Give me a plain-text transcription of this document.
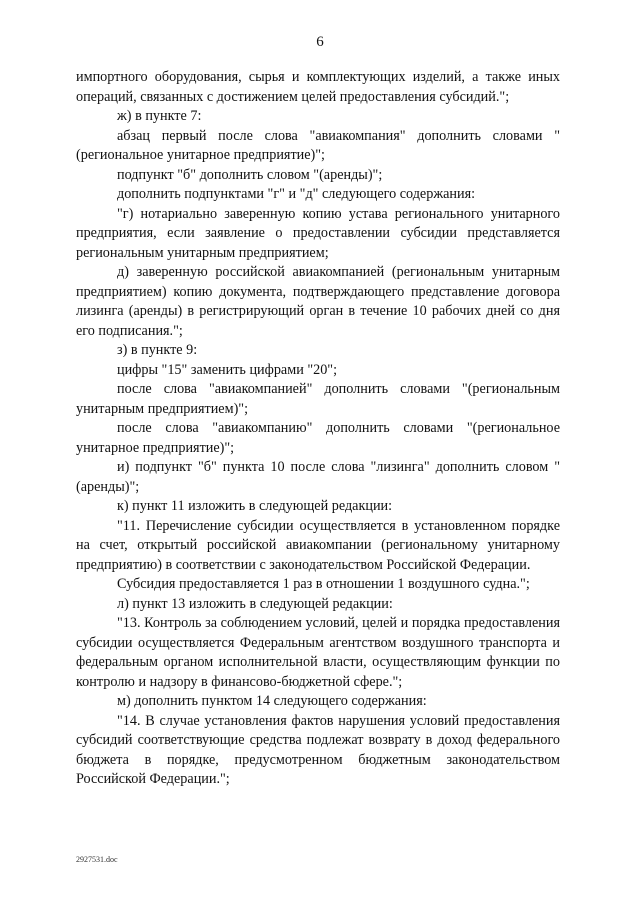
6

импортного оборудования, сырья и комплектующих изделий, а также иных операций, связанных с достижением целей предоставления субсидий.";

ж) в пункте 7:

абзац первый после слова "авиакомпания" дополнить словами "(региональное унитарное предприятие)";

подпункт "б" дополнить словом "(аренды)";

дополнить подпунктами "г" и "д" следующего содержания:

"г) нотариально заверенную копию устава регионального унитарного предприятия, если заявление о предоставлении субсидии представляется региональным унитарным предприятием;

д) заверенную российской авиакомпанией (региональным унитарным предприятием) копию документа, подтверждающего представление договора лизинга (аренды) в регистрирующий орган в течение 10 рабочих дней со дня его подписания.";

з) в пункте 9:

цифры "15" заменить цифрами "20";

после слова "авиакомпанией" дополнить словами "(региональным унитарным предприятием)";

после слова "авиакомпанию" дополнить словами "(региональное унитарное предприятие)";

и) подпункт "б" пункта 10 после слова "лизинга" дополнить словом "(аренды)";

к) пункт 11 изложить в следующей редакции:

"11. Перечисление субсидии осуществляется в установленном порядке на счет, открытый российской авиакомпании (региональному унитарному предприятию) в соответствии с законодательством Российской Федерации.

Субсидия предоставляется 1 раз в отношении 1 воздушного судна.";

л) пункт 13 изложить в следующей редакции:

"13. Контроль за соблюдением условий, целей и порядка предоставления субсидии осуществляется Федеральным агентством воздушного транспорта и федеральным органом исполнительной власти, осуществляющим функции по контролю и надзору в финансово-бюджетной сфере.";

м) дополнить пунктом 14 следующего содержания:

"14. В случае установления фактов нарушения условий предоставления субсидий соответствующие средства подлежат возврату в доход федерального бюджета в порядке, предусмотренном бюджетным законодательством Российской Федерации.";

2927531.doc
